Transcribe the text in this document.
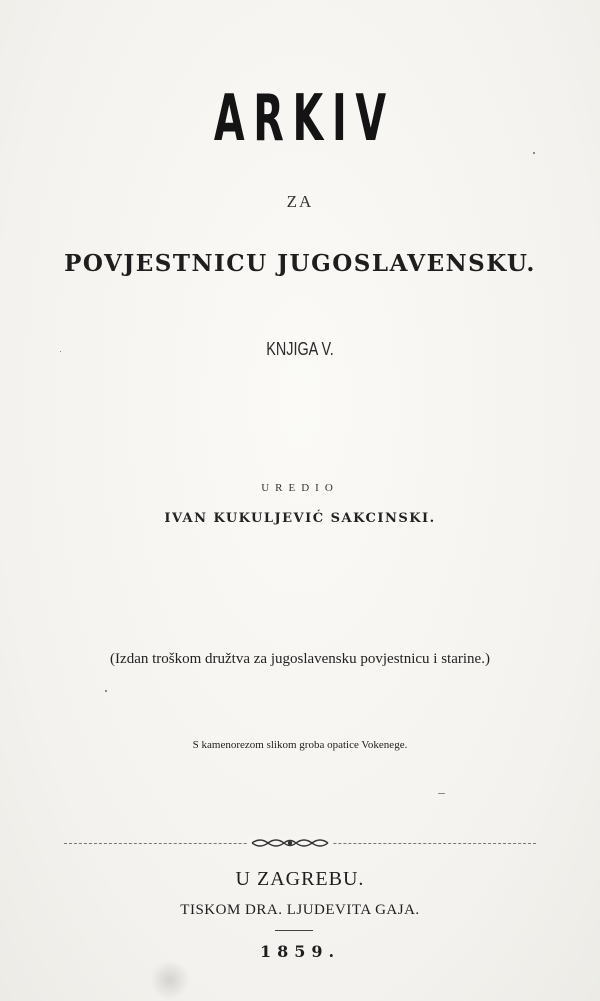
ARKIV
ZA
POVJESTNICU JUGOSLAVENSKU.
KNJIGA V.
UREDIO
IVAN KUKULJEVIĆ SAKCINSKI.
(Izdan troškom družtva za jugoslavensku povjestnicu i starine.)
S kamenorezom slikom groba opatice Vokenege.
U ZAGREBU.
TISKOM DRA. LJUDEVITA GAJA.
1859.
